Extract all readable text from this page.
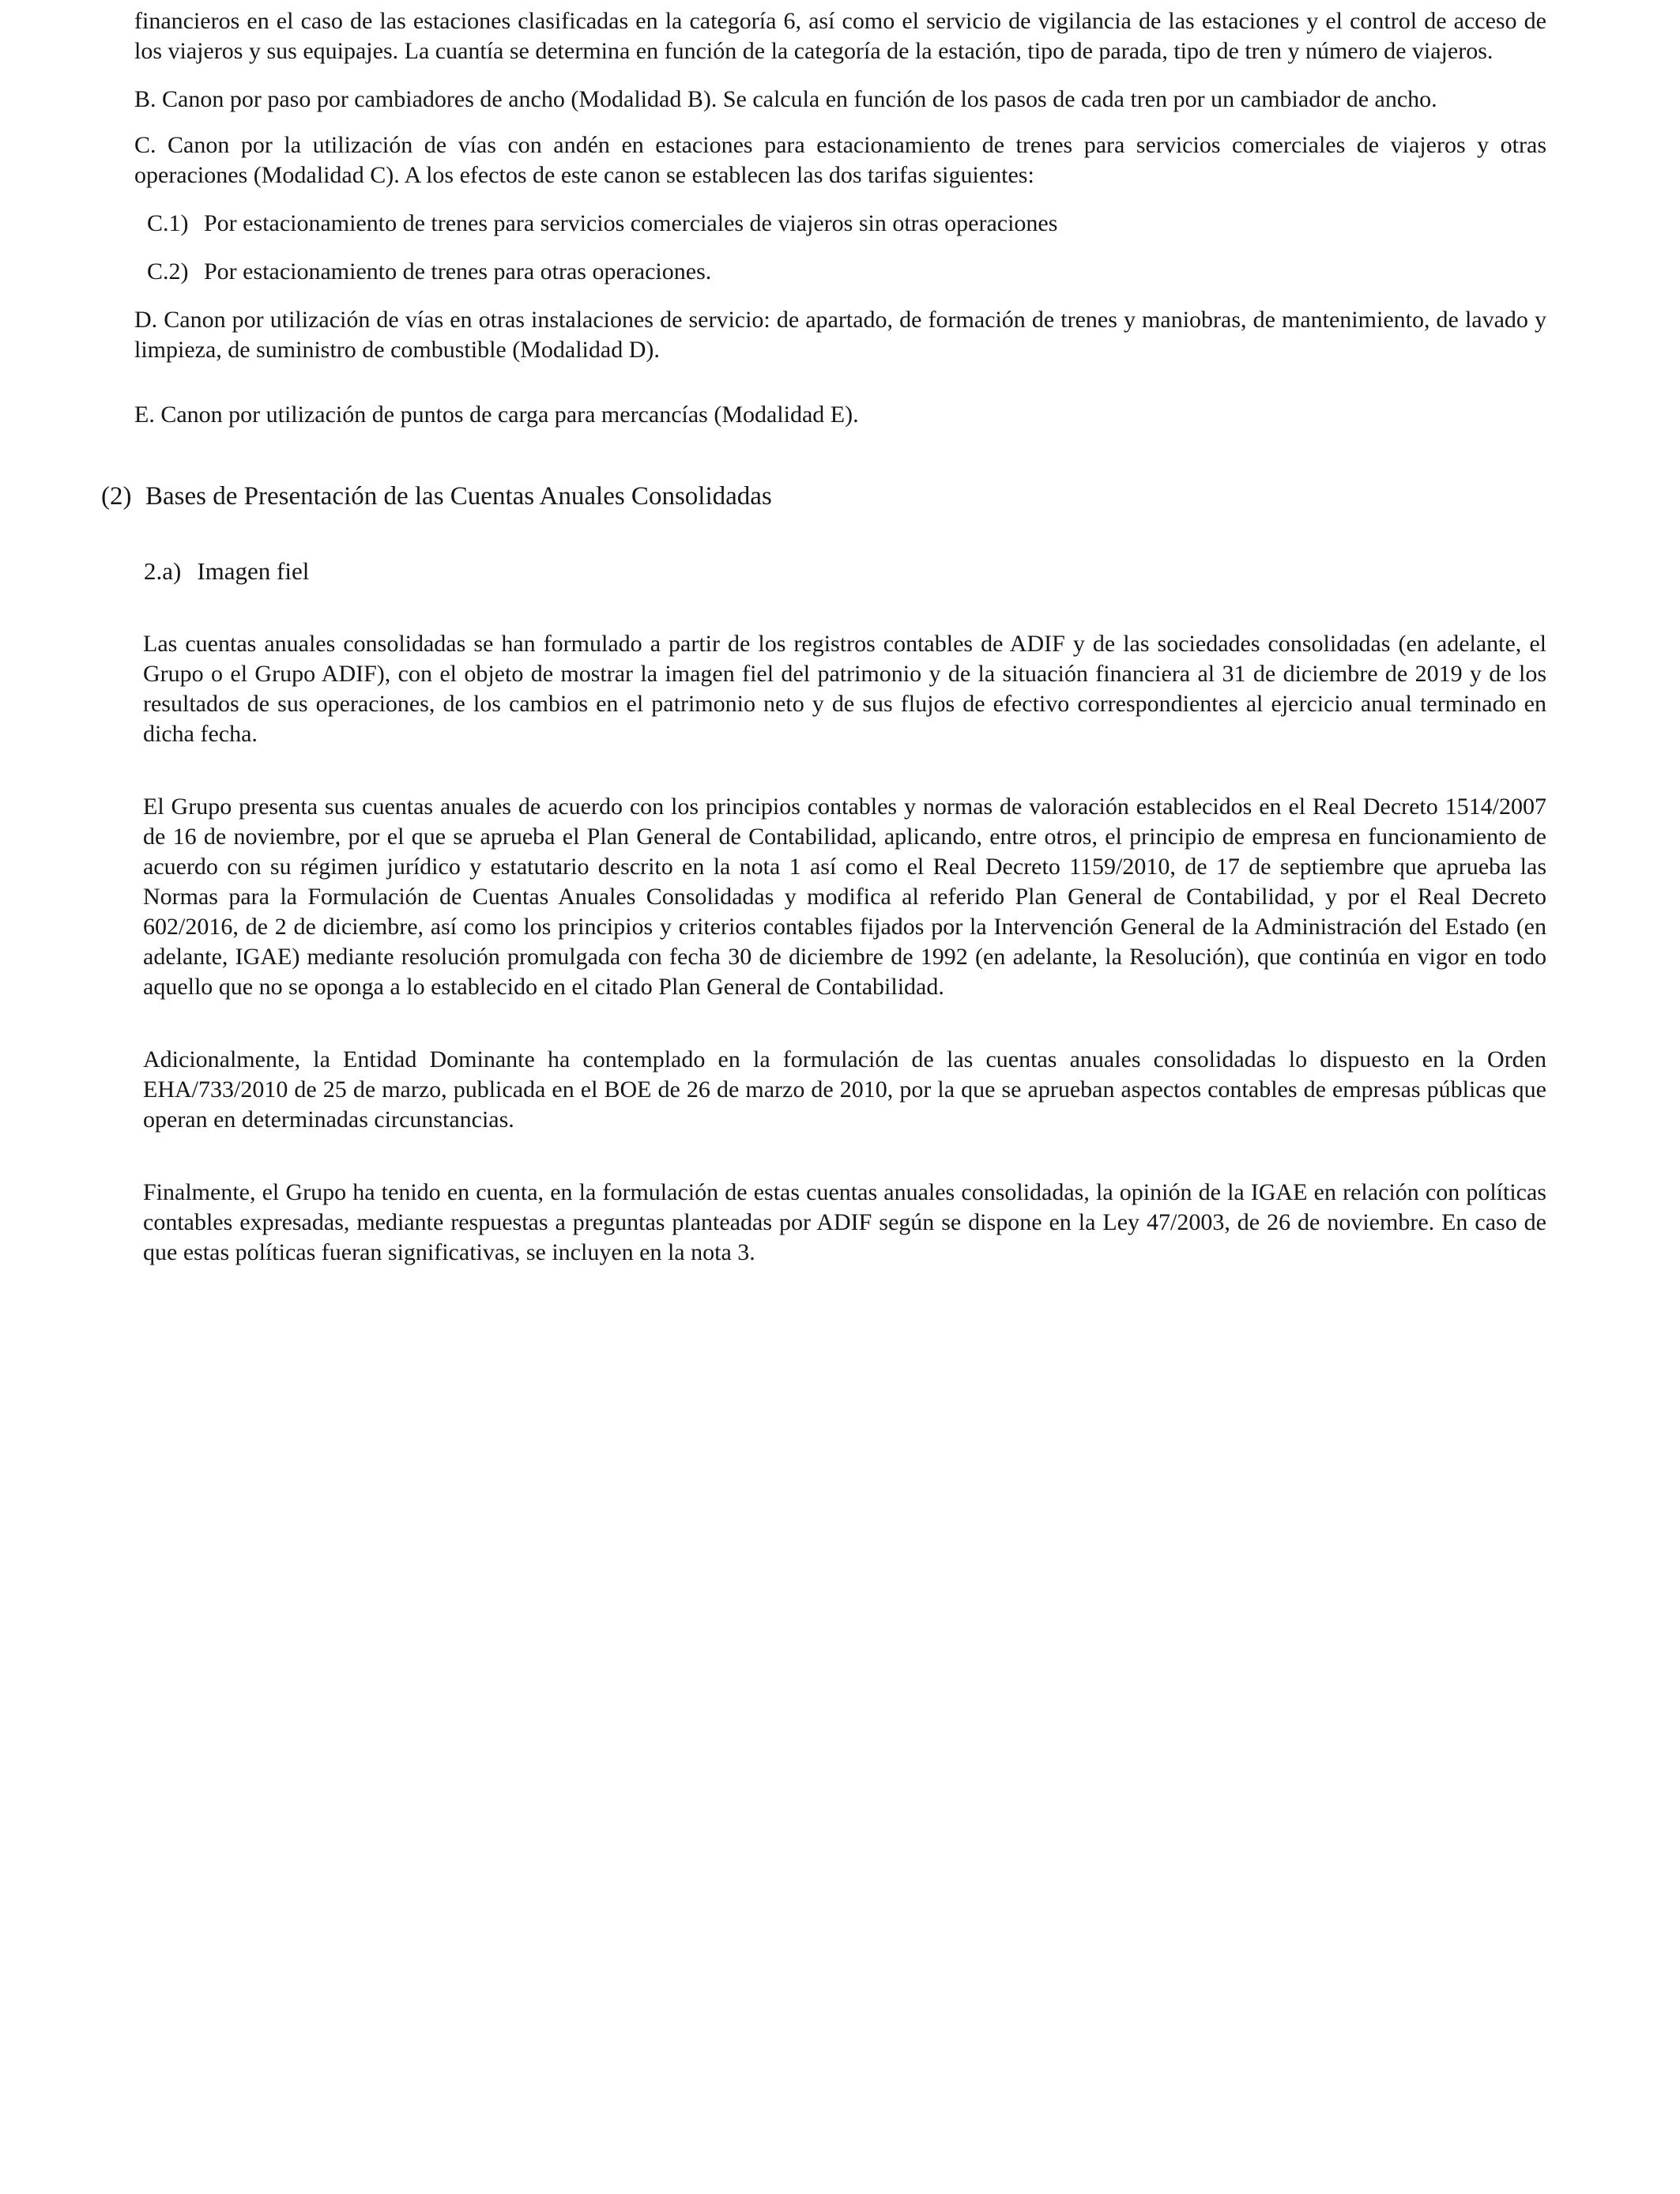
financieros en el caso de las estaciones clasificadas en la categoría 6, así como el servicio de vigilancia de las estaciones y el control de acceso de los viajeros y sus equipajes. La cuantía se determina en función de la categoría de la estación, tipo de parada, tipo de tren y número de viajeros.

B. Canon por paso por cambiadores de ancho (Modalidad B). Se calcula en función de los pasos de cada tren por un cambiador de ancho.

C. Canon por la utilización de vías con andén en estaciones para estacionamiento de trenes para servicios comerciales de viajeros y otras operaciones (Modalidad C). A los efectos de este canon se establecen las dos tarifas siguientes:

C.1) Por estacionamiento de trenes para servicios comerciales de viajeros sin otras operaciones
C.2) Por estacionamiento de trenes para otras operaciones.

D. Canon por utilización de vías en otras instalaciones de servicio: de apartado, de formación de trenes y maniobras, de mantenimiento, de lavado y limpieza, de suministro de combustible (Modalidad D).

E. Canon por utilización de puntos de carga para mercancías (Modalidad E).

(2) Bases de Presentación de las Cuentas Anuales Consolidadas
2.a) Imagen fiel

Las cuentas anuales consolidadas se han formulado a partir de los registros contables de ADIF y de las sociedades consolidadas (en adelante, el Grupo o el Grupo ADIF), con el objeto de mostrar la imagen fiel del patrimonio y de la situación financiera al 31 de diciembre de 2019 y de los resultados de sus operaciones, de los cambios en el patrimonio neto y de sus flujos de efectivo correspondientes al ejercicio anual terminado en dicha fecha.

El Grupo presenta sus cuentas anuales de acuerdo con los principios contables y normas de valoración establecidos en el Real Decreto 1514/2007 de 16 de noviembre, por el que se aprueba el Plan General de Contabilidad, aplicando, entre otros, el principio de empresa en funcionamiento de acuerdo con su régimen jurídico y estatutario descrito en la nota 1 así como el Real Decreto 1159/2010, de 17 de septiembre que aprueba las Normas para la Formulación de Cuentas Anuales Consolidadas y modifica al referido Plan General de Contabilidad, y por el Real Decreto 602/2016, de 2 de diciembre, así como los principios y criterios contables fijados por la Intervención General de la Administración del Estado (en adelante, IGAE) mediante resolución promulgada con fecha 30 de diciembre de 1992 (en adelante, la Resolución), que continúa en vigor en todo aquello que no se oponga a lo establecido en el citado Plan General de Contabilidad.

Adicionalmente, la Entidad Dominante ha contemplado en la formulación de las cuentas anuales consolidadas lo dispuesto en la Orden EHA/733/2010 de 25 de marzo, publicada en el BOE de 26 de marzo de 2010, por la que se aprueban aspectos contables de empresas públicas que operan en determinadas circunstancias.

Finalmente, el Grupo ha tenido en cuenta, en la formulación de estas cuentas anuales consolidadas, la opinión de la IGAE en relación con políticas contables expresadas, mediante respuestas a preguntas planteadas por ADIF según se dispone en la Ley 47/2003, de 26 de noviembre. En caso de que estas políticas fueran significativas, se incluyen en la nota 3.
